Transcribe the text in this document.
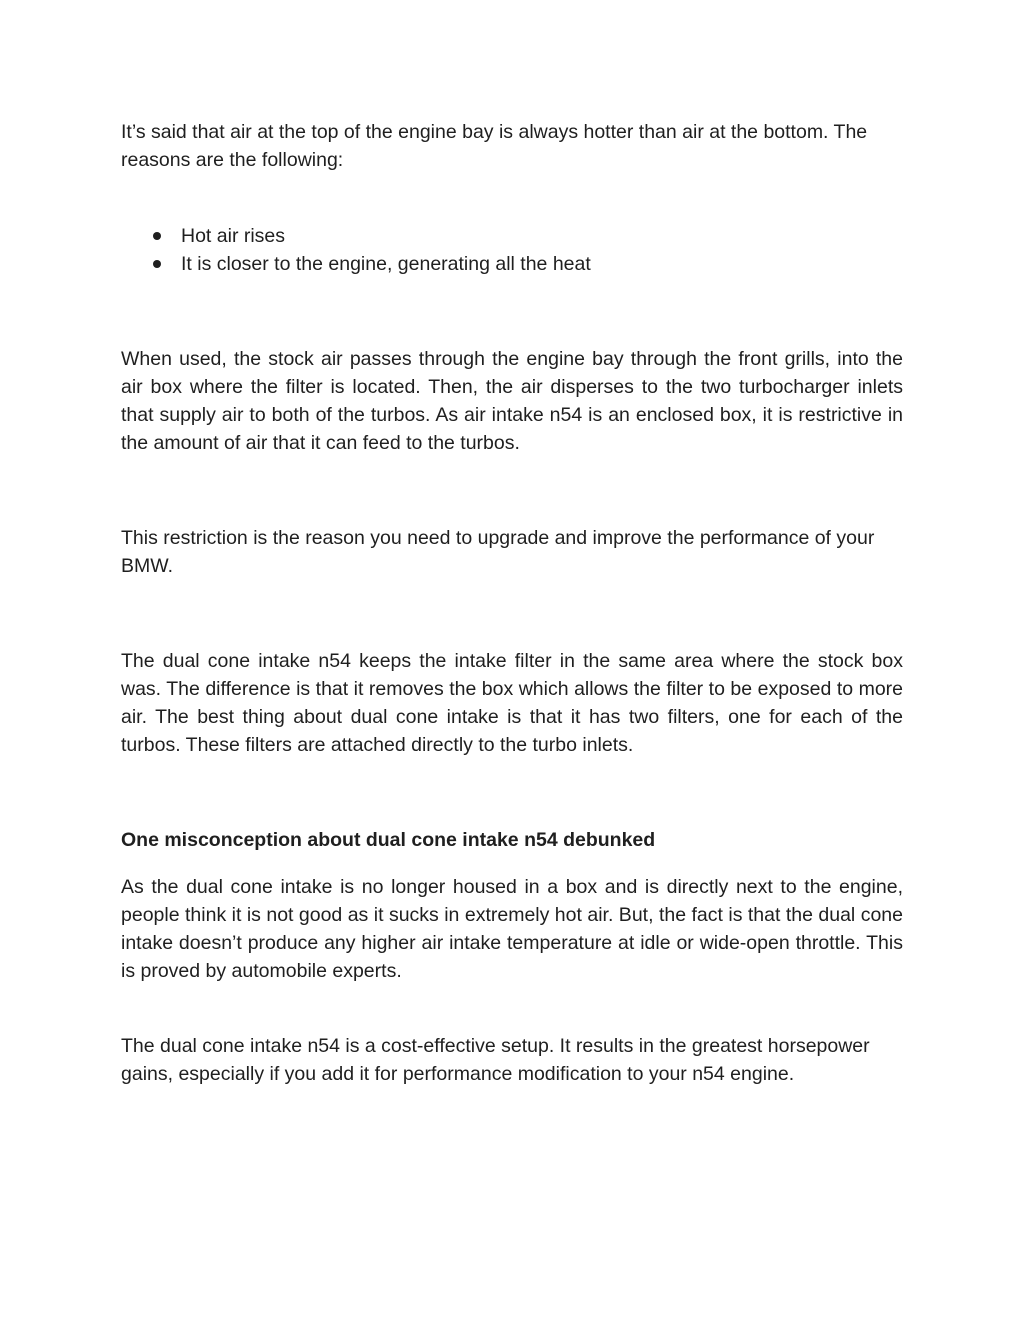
It’s said that air at the top of the engine bay is always hotter than air at the bottom. The reasons are the following:

Hot air rises
It is closer to the engine, generating all the heat

When used, the stock air passes through the engine bay through the front grills, into the air box where the filter is located. Then, the air disperses to the two turbocharger inlets that supply air to both of the turbos. As air intake n54 is an enclosed box, it is restrictive in the amount of air that it can feed to the turbos.

This restriction is the reason you need to upgrade and improve the performance of your BMW.

The dual cone intake n54 keeps the intake filter in the same area where the stock box was. The difference is that it removes the box which allows the filter to be exposed to more air. The best thing about dual cone intake is that it has two filters, one for each of the turbos. These filters are attached directly to the turbo inlets.

One misconception about dual cone intake n54 debunked

As the dual cone intake is no longer housed in a box and is directly next to the engine, people think it is not good as it sucks in extremely hot air. But, the fact is that the dual cone intake doesn’t produce any higher air intake temperature at idle or wide-open throttle. This is proved by automobile experts.

The dual cone intake n54 is a cost-effective setup. It results in the greatest horsepower gains, especially if you add it for performance modification to your n54 engine.
